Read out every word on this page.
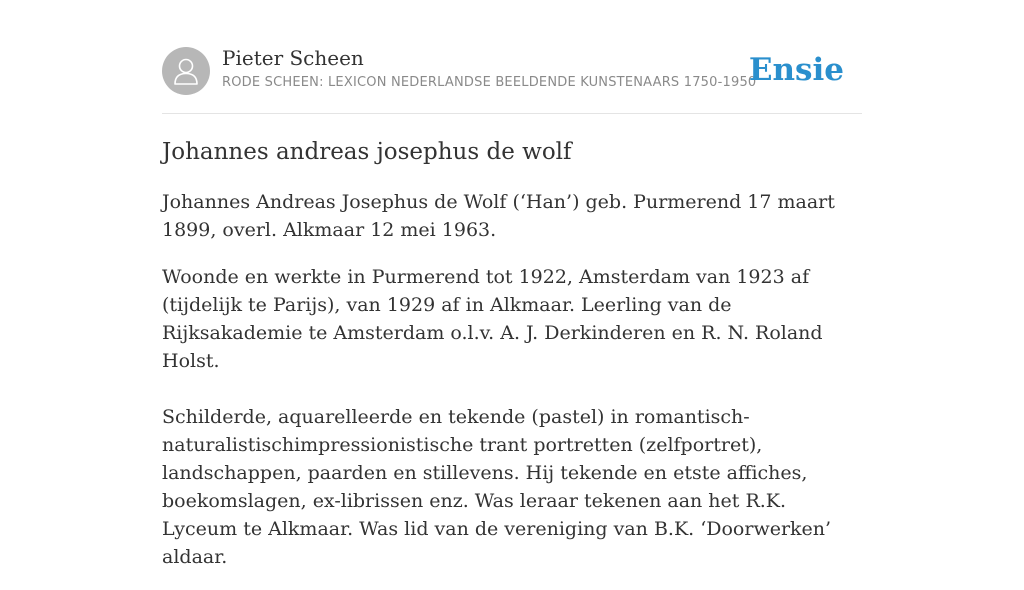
Pieter Scheen
RODE SCHEEN: LEXICON NEDERLANDSE BEELDENDE KUNSTENAARS 1750-1950
Ensie
Johannes andreas josephus de wolf

Johannes Andreas Josephus de Wolf (‘Han’) geb. Purmerend 17 maart 1899, overl. Alkmaar 12 mei 1963.

Woonde en werkte in Purmerend tot 1922, Amsterdam van 1923 af (tijdelijk te Parijs), van 1929 af in Alkmaar. Leerling van de Rijksakademie te Amsterdam o.l.v. A. J. Derkinderen en R. N. Roland Holst.

Schilderde, aquarelleerde en tekende (pastel) in romantisch-naturalistischimpressionistische trant portretten (zelfportret), landschappen, paarden en stillevens. Hij tekende en etste affiches, boekomslagen, ex-librissen enz. Was leraar tekenen aan het R.K. Lyceum te Alkmaar. Was lid van de vereniging van B.K. ‘Doorwerken’ aldaar.
